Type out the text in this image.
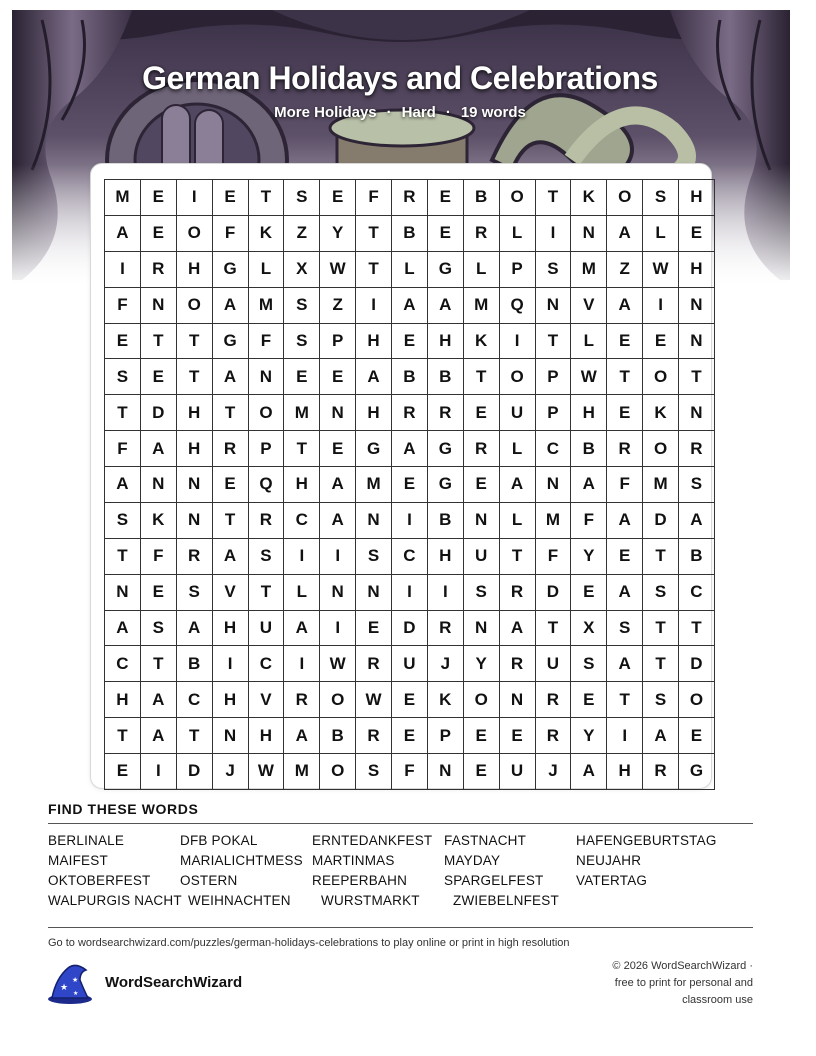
German Holidays and Celebrations
More Holidays · Hard · 19 words
M	E	I	E	T	S	E	F	R	E	B	O	T	K	O	S	H
A	E	O	F	K	Z	Y	T	B	E	R	L	I	N	A	L	E
I	R	H	G	L	X	W	T	L	G	L	P	S	M	Z	W	H
F	N	O	A	M	S	Z	I	A	A	M	Q	N	V	A	I	N
E	T	T	G	F	S	P	H	E	H	K	I	T	L	E	E	N
S	E	T	A	N	E	E	A	B	B	T	O	P	W	T	O	T
T	D	H	T	O	M	N	H	R	R	E	U	P	H	E	K	N
F	A	H	R	P	T	E	G	A	G	R	L	C	B	R	O	R
A	N	N	E	Q	H	A	M	E	G	E	A	N	A	F	M	S
S	K	N	T	R	C	A	N	I	B	N	L	M	F	A	D	A
T	F	R	A	S	I	I	S	C	H	U	T	F	Y	E	T	B
N	E	S	V	T	L	N	N	I	I	S	R	D	E	A	S	C
A	S	A	H	U	A	I	E	D	R	N	A	T	X	S	T	T
C	T	B	I	C	I	W	R	U	J	Y	R	U	S	A	T	D
H	A	C	H	V	R	O	W	E	K	O	N	R	E	T	S	O
T	A	T	N	H	A	B	R	E	P	E	E	R	Y	I	A	E
E	I	D	J	W	M	O	S	F	N	E	U	J	A	H	R	G
FIND THESE WORDS
BERLINALE	DFB POKAL	ERNTEDANKFEST FASTNACHT	HAFENGEBURTSTAG
MAIFEST	MARIALICHTMESS MARTINMAS	MAYDAY	NEUJAHR
OKTOBERFEST OSTERN	REEPERBAHN	SPARGELFEST VATERTAG
WALPURGIS NACHT WEIHNACHTEN WURSTMARKT ZWIEBELNFEST
Go to wordsearchwizard.com/puzzles/german-holidays-celebrations to play online or print in high resolution
★
★
★
WordSearchWizard
© 2026 WordSearchWizard ·
free to print for personal and
classroom use
